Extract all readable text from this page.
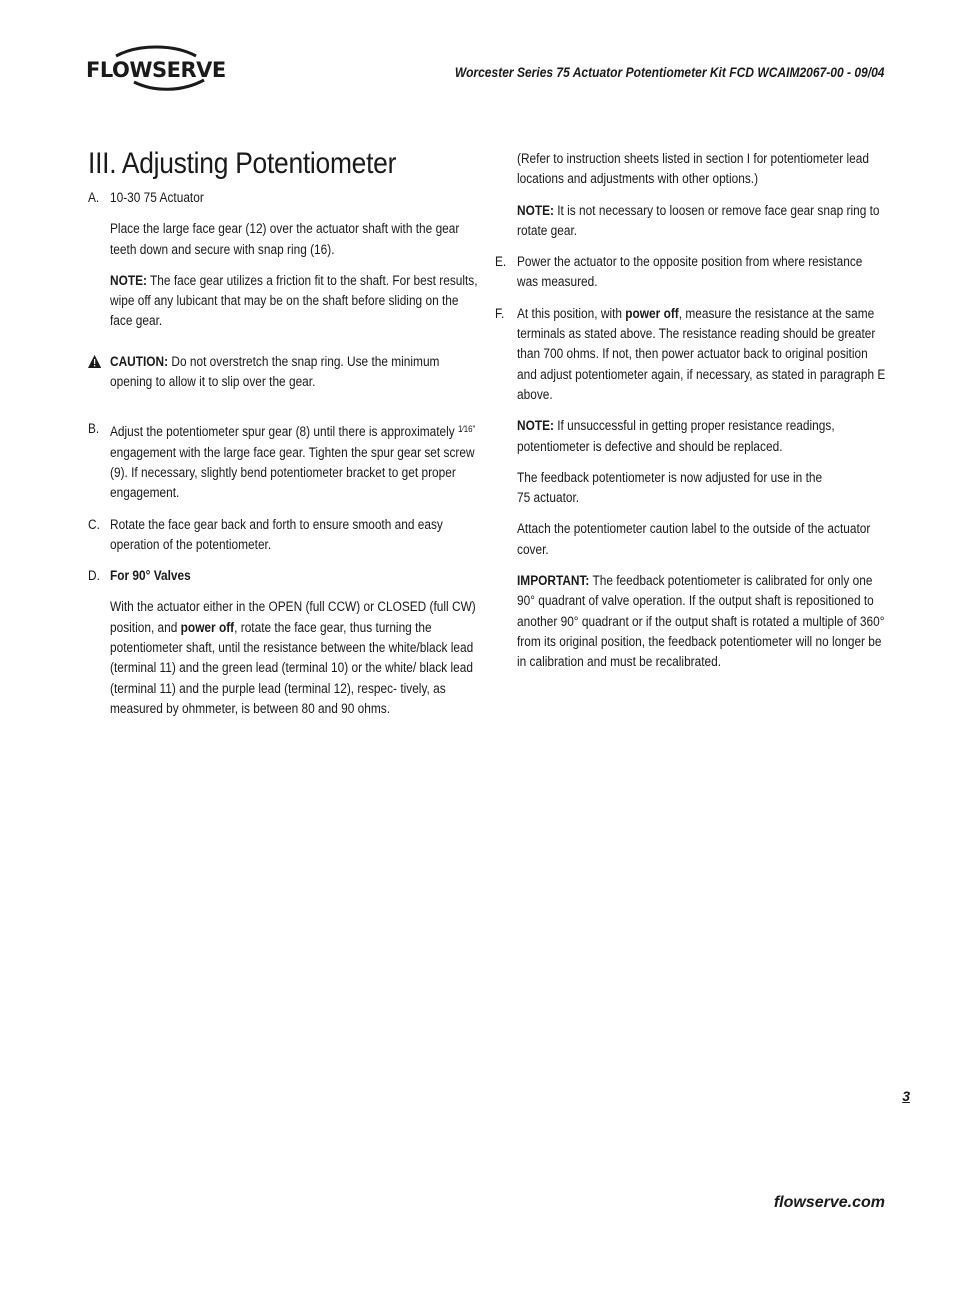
FLOWSERVE	Worcester Series 75 Actuator Potentiometer Kit FCD WCAIM2067-00 - 09/04
III. Adjusting Potentiometer
A. 10-30 75 Actuator

Place the large face gear (12) over the actuator shaft with the gear teeth down and secure with snap ring (16).

NOTE: The face gear utilizes a friction fit to the shaft. For best results, wipe off any lubicant that may be on the shaft before sliding on the face gear.

CAUTION: Do not overstretch the snap ring. Use the minimum opening to allow it to slip over the gear.
B. Adjust the potentiometer spur gear (8) until there is approximately $^{1⁄16"}$ engagement with the large face gear. Tighten the spur gear set screw (9). If necessary, slightly bend potentiometer bracket to get proper engagement.
C. Rotate the face gear back and forth to ensure smooth and easy operation of the potentiometer.
D. For 90° Valves

With the actuator either in the OPEN (full CCW) or CLOSED (full CW) position, and power off, rotate the face gear, thus turning the potentiometer shaft, until the resistance between the white/black lead (terminal 11) and the green lead (terminal 10) or the white/ black lead (terminal 11) and the purple lead (terminal 12), respec- tively, as measured by ohmmeter, is between 80 and 90 ohms.

(Refer to instruction sheets listed in section I for potentiometer lead locations and adjustments with other options.)

NOTE: It is not necessary to loosen or remove face gear snap ring to rotate gear.

E. Power the actuator to the opposite position from where resistance was measured.
F. At this position, with power off, measure the resistance at the same terminals as stated above. The resistance reading should be greater than 700 ohms. If not, then power actuator back to original position and adjust potentiometer again, if necessary, as stated in paragraph E above.

NOTE: If unsuccessful in getting proper resistance readings, potentiometer is defective and should be replaced.

The feedback potentiometer is now adjusted for use in the
75 actuator.

Attach the potentiometer caution label to the outside of the actuator cover.

IMPORTANT: The feedback potentiometer is calibrated for only one 90° quadrant of valve operation. If the output shaft is repositioned to another 90° quadrant or if the output shaft is rotated a multiple of 360° from its original position, the feedback potentiometer will no longer be in calibration and must be recalibrated.

3
flowserve.com
